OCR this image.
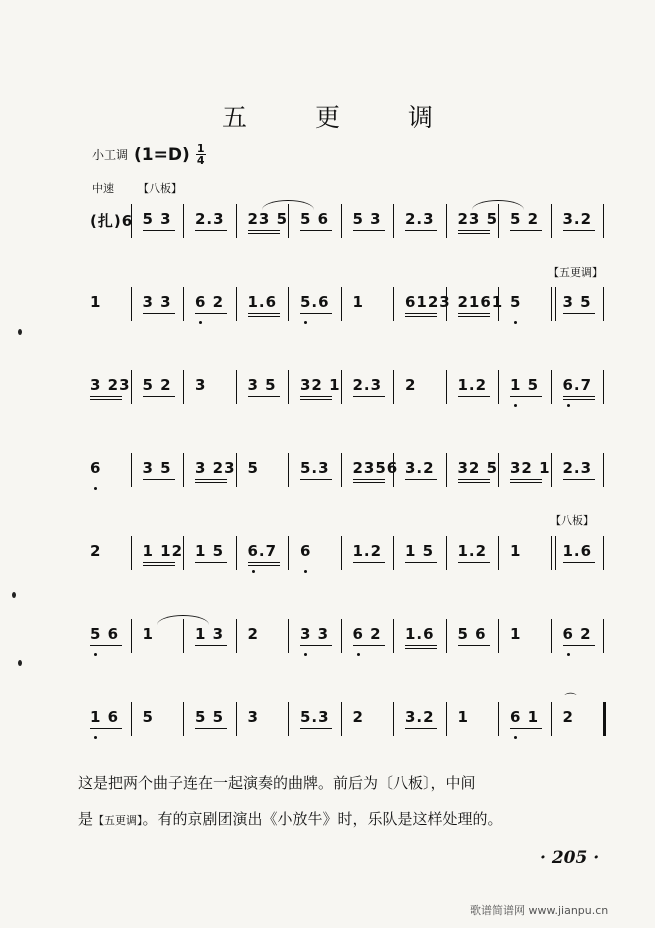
五 更 调
小工调 $(1=D) \frac{1}{4}$
中速 【八板】
【五更调】
【八板】
(扎)6 5 3 2.3 23 5 5 6 5 3 2.3 23 5 5 2 3.2
1	3 3 6 2 1.6 5.6 1	6123 2161 5	3 5
3 23 5 2 3	3 5 32 1 2.3 2	1.2 1 5 6.7
6	3 5 3 23 5	5.3 2356 3.2 32 5 32 1 2.3
2	1 12 1 5 6.7 6	1.2 1 5 1.2 1	1.6
5 6 1	1 3 2	3 3 6 2 1.6 5 6 1	6 2
1 6 5	5 5 3	5.3 2	3.2 1	6 1 2
⌒
这是把两个曲子连在一起演奏的曲牌。前后为〔八板〕，中间
是【五更调】。有的京剧团演出《小放牛》时，乐队是这样处理的。
· 205 ·
歌谱简谱网 www.jianpu.cn
